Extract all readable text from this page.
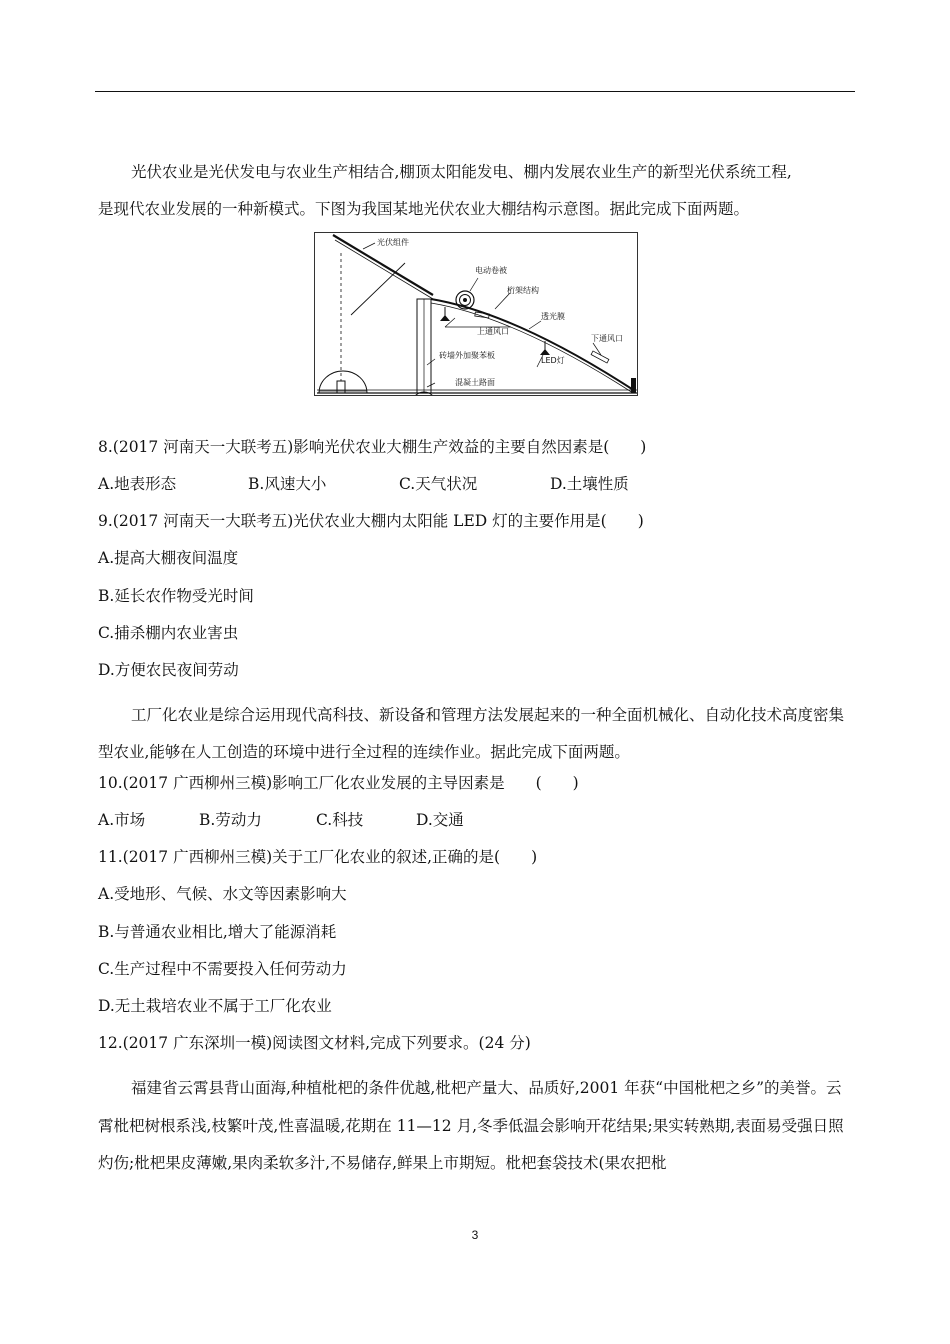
光伏农业是光伏发电与农业生产相结合,棚顶太阳能发电、棚内发展农业生产的新型光伏系统工程,
是现代农业发展的一种新模式。下图为我国某地光伏农业大棚结构示意图。据此完成下面两题。
光伏组件
电动卷被
桁架结构
上通风口
透光膜
下通风口
LED灯
砖墙外加聚苯板
混凝土路面
8.(2017 河南天一大联考五)影响光伏农业大棚生产效益的主要自然因素是(　　)
A.地表形态	B.风速大小	C.天气状况	D.土壤性质
9.(2017 河南天一大联考五)光伏农业大棚内太阳能 LED 灯的主要作用是(　　)
A.提高大棚夜间温度
B.延长农作物受光时间
C.捕杀棚内农业害虫
D.方便农民夜间劳动
工厂化农业是综合运用现代高科技、新设备和管理方法发展起来的一种全面机械化、自动化技术高度密集型农业,能够在人工创造的环境中进行全过程的连续作业。据此完成下面两题。
10.(2017 广西柳州三模)影响工厂化农业发展的主导因素是　　(　　)
A.市场	B.劳动力	C.科技	D.交通
11.(2017 广西柳州三模)关于工厂化农业的叙述,正确的是(　　)
A.受地形、气候、水文等因素影响大
B.与普通农业相比,增大了能源消耗
C.生产过程中不需要投入任何劳动力
D.无土栽培农业不属于工厂化农业
12.(2017 广东深圳一模)阅读图文材料,完成下列要求。(24 分)
福建省云霄县背山面海,种植枇杷的条件优越,枇杷产量大、品质好,2001 年获“中国枇杷之乡”的美誉。云霄枇杷树根系浅,枝繁叶茂,性喜温暖,花期在 11—12 月,冬季低温会影响开花结果;果实转熟期,表面易受强日照灼伤;枇杷果皮薄嫩,果肉柔软多汁,不易储存,鲜果上市期短。枇杷套袋技术(果农把枇
3
